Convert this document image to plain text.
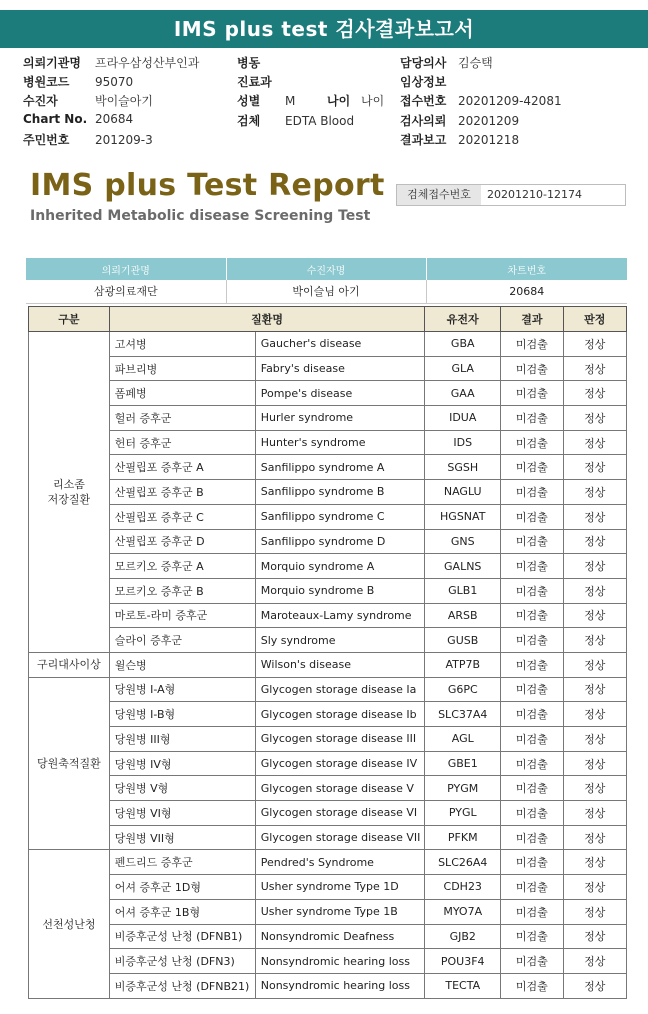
IMS plus test 검사결과보고서
의뢰기관명 프라우삼성산부인과
병원코드 95070
수진자	박이슬아기
Chart No. 20684
주민번호 201209-3
병동
진료과
성별 M	나이 나이
검체 EDTA Blood
담당의사 김승택
임상정보
접수번호 20201209-42081
검사의뢰 20201209
결과보고 20201218
IMS plus Test Report
Inherited Metabolic disease Screening Test
검체접수번호	20201210-12174
의뢰기관명	수진자명	차트번호
삼광의료재단	박이슬님 아기	20684
구분	질환명		유전자	결과	판정
리소좀
저장질환	고셔병	Gaucher's disease	GBA	미검출	정상
	파브리병	Fabry's disease	GLA	미검출	정상
	폼페병	Pompe's disease	GAA	미검출	정상
	헐러 증후군	Hurler syndrome	IDUA	미검출	정상
	헌터 증후군	Hunter's syndrome	IDS	미검출	정상
	산필립포 증후군 A	Sanfilippo syndrome A	SGSH	미검출	정상
	산필립포 증후군 B	Sanfilippo syndrome B	NAGLU	미검출	정상
	산필립포 증후군 C	Sanfilippo syndrome C	HGSNAT	미검출	정상
	산필립포 증후군 D	Sanfilippo syndrome D	GNS	미검출	정상
	모르키오 증후군 A	Morquio syndrome A	GALNS	미검출	정상
	모르키오 증후군 B	Morquio syndrome B	GLB1	미검출	정상
	마로토-라미 증후군	Maroteaux-Lamy syndrome	ARSB	미검출	정상
	슬라이 증후군	Sly syndrome	GUSB	미검출	정상
구리대사이상	윌슨병	Wilson's disease	ATP7B	미검출	정상
당원축적질환	당원병 I-A형	Glycogen storage disease Ia	G6PC	미검출	정상
	당원병 I-B형	Glycogen storage disease Ib	SLC37A4	미검출	정상
	당원병 III형	Glycogen storage disease III	AGL	미검출	정상
	당원병 IV형	Glycogen storage disease IV	GBE1	미검출	정상
	당원병 V형	Glycogen storage disease V	PYGM	미검출	정상
	당원병 VI형	Glycogen storage disease VI	PYGL	미검출	정상
	당원병 VII형	Glycogen storage disease VII	PFKM	미검출	정상
선천성난청	펜드리드 증후군	Pendred's Syndrome	SLC26A4	미검출	정상
	어셔 증후군 1D형	Usher syndrome Type 1D	CDH23	미검출	정상
	어셔 증후군 1B형	Usher syndrome Type 1B	MYO7A	미검출	정상
	비증후군성 난청 (DFNB1)	Nonsyndromic Deafness	GJB2	미검출	정상
	비증후군성 난청 (DFN3)	Nonsyndromic hearing loss	POU3F4	미검출	정상
	비증후군성 난청 (DFNB21)	Nonsyndromic hearing loss	TECTA	미검출	정상
